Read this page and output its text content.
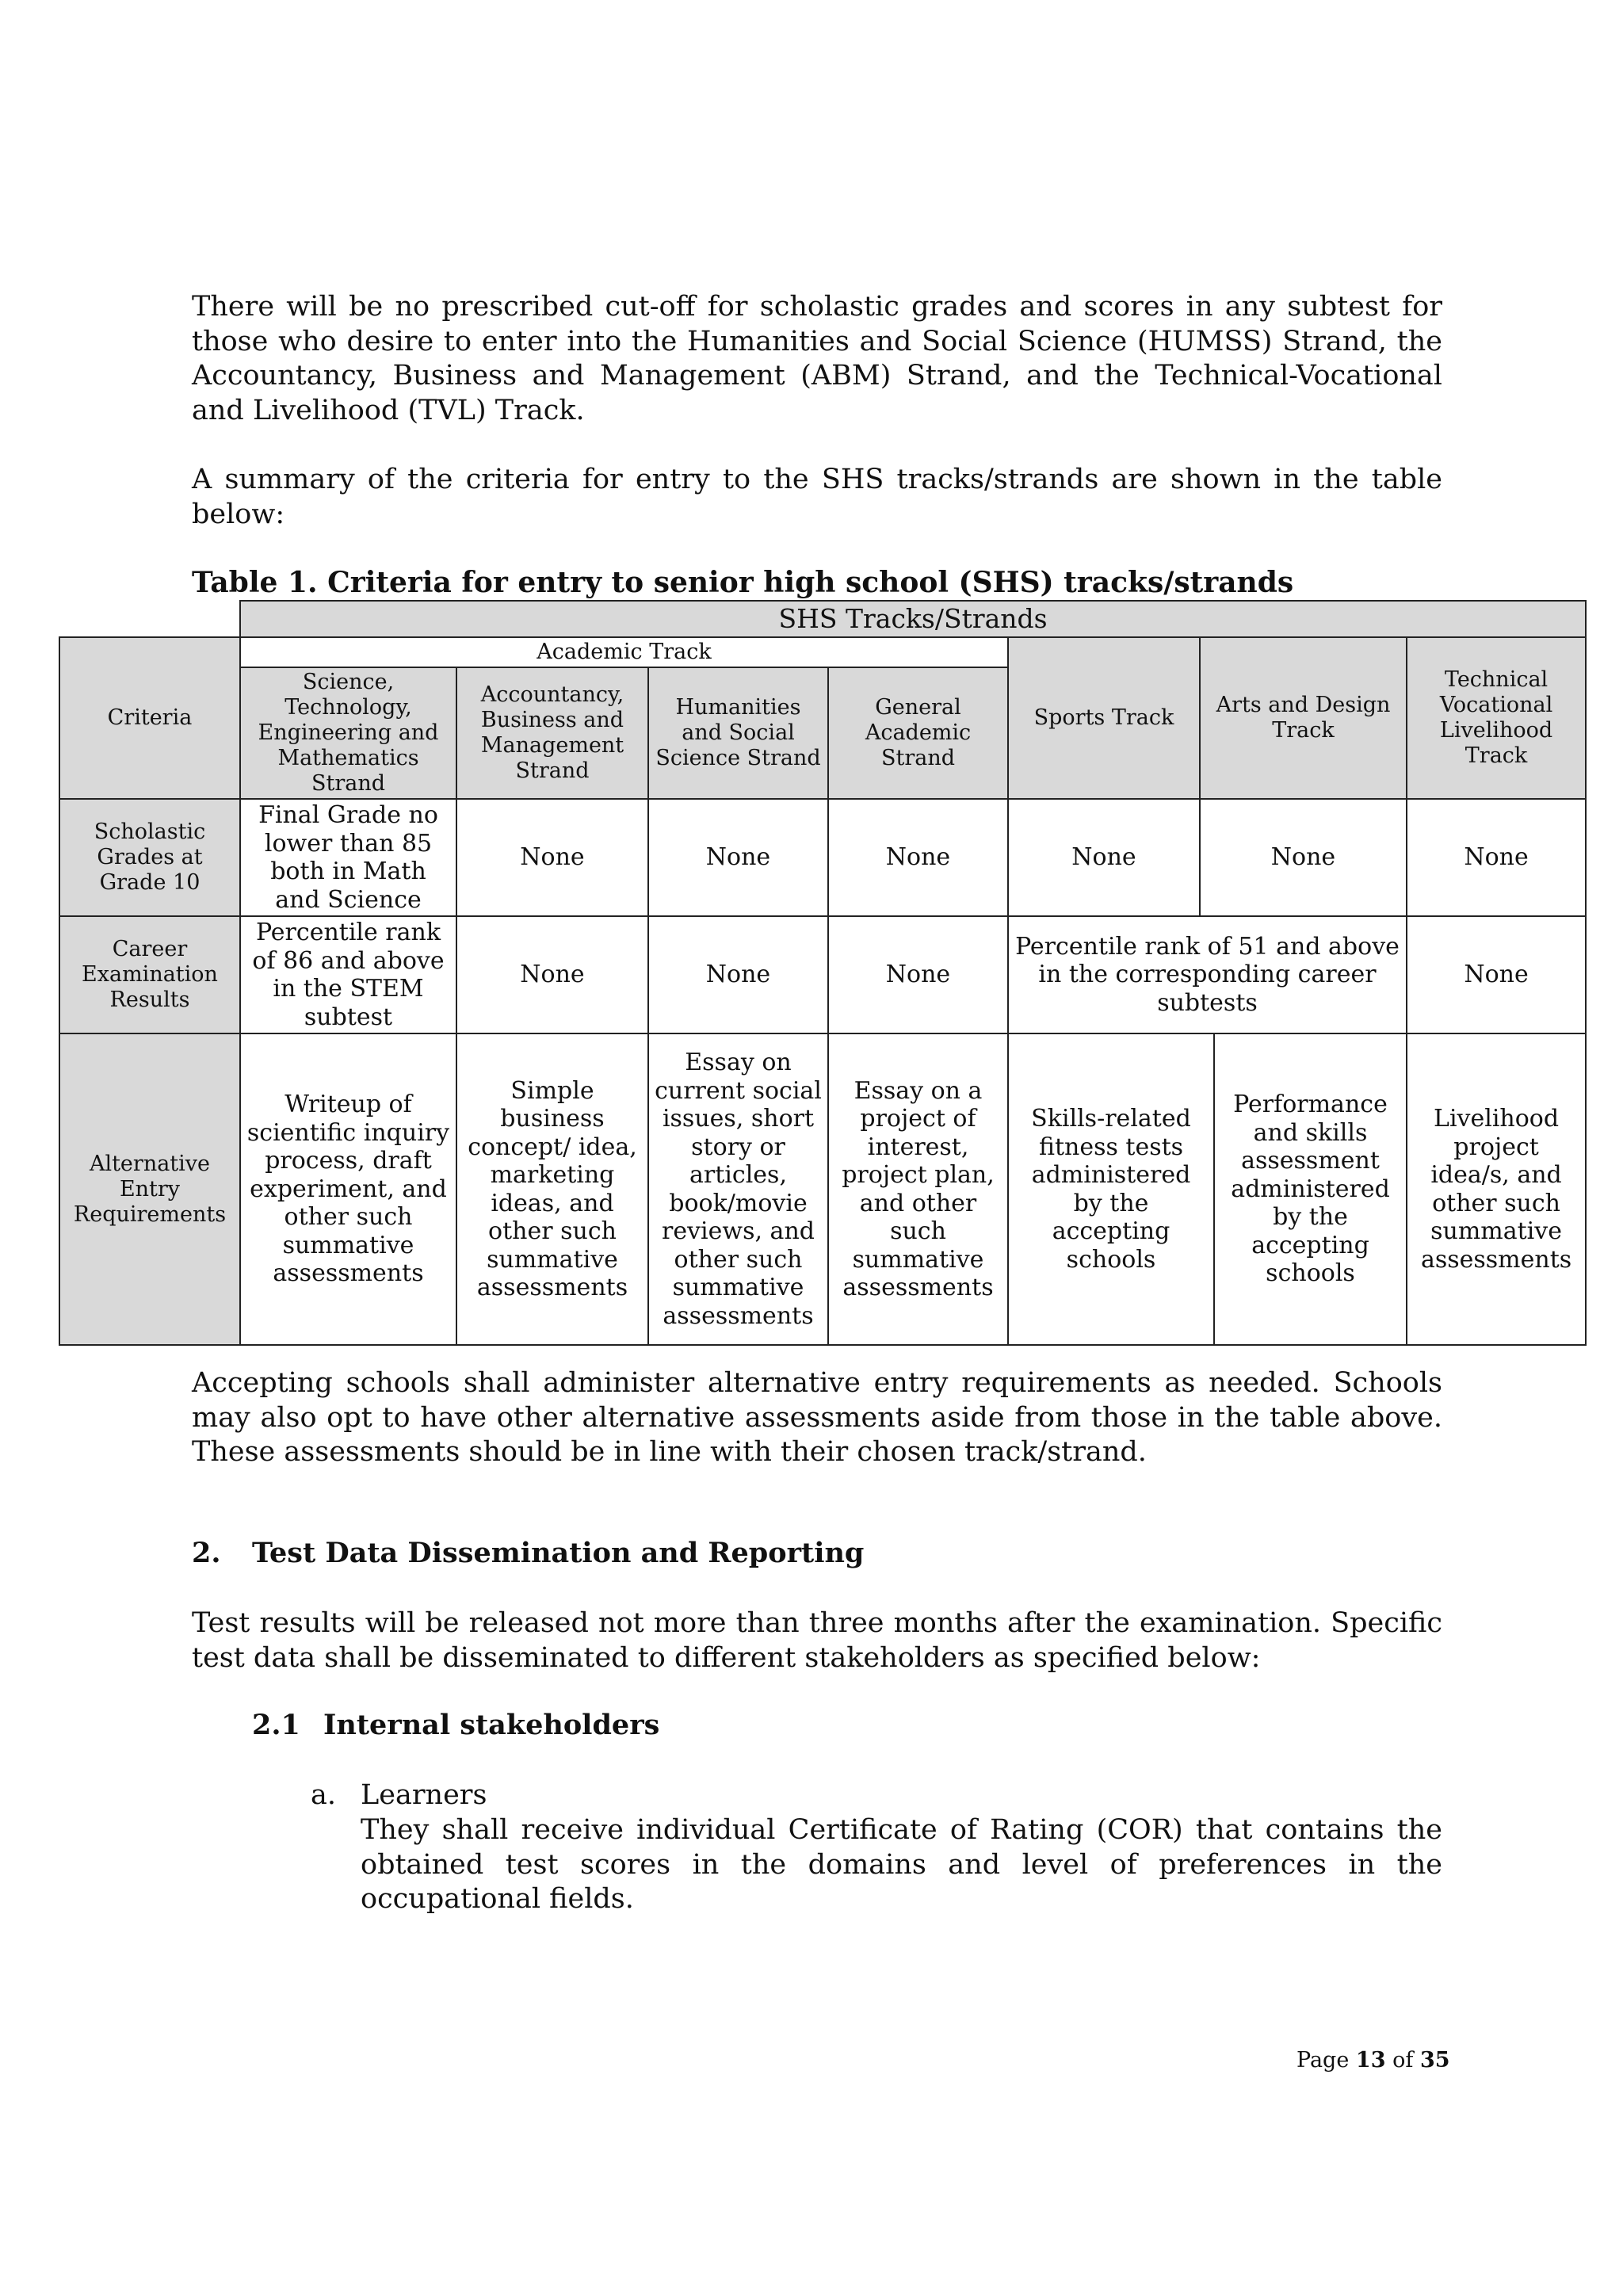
There will be no prescribed cut-off for scholastic grades and scores in any subtest for those who desire to enter into the Humanities and Social Science (HUMSS) Strand, the Accountancy, Business and Management (ABM) Strand, and the Technical-Vocational and Livelihood (TVL) Track.

A summary of the criteria for entry to the SHS tracks/strands are shown in the table below:

Table 1. Criteria for entry to senior high school (SHS) tracks/strands

	SHS Tracks/Strands							
Criteria	Academic Track				Sports Track	Arts and Design Track		Technical Vocational Livelihood Track
	Science, Technology, Engineering and Mathematics Strand	Accountancy, Business and Management Strand	Humanities and Social Science Strand	General Academic Strand				
Scholastic Grades at Grade 10	Final Grade no lower than 85 both in Math and Science	None	None	None	None	None		None
Career Examination Results	Percentile rank of 86 and above in the STEM subtest	None	None	None	Percentile rank of 51 and above in the corresponding career subtests			None
Alternative Entry Requirements	Writeup of scientific inquiry process, draft experiment, and other such summative assessments	Simple business concept/ idea, marketing ideas, and other such summative assessments	Essay on current social issues, short story or articles, book/movie reviews, and other such summative assessments	Essay on a project of interest, project plan, and other such summative assessments	Skills-related fitness tests administered by the accepting schools		Performance and skills assessment administered by the accepting schools	Livelihood project idea/s, and other such summative assessments

Accepting schools shall administer alternative entry requirements as needed. Schools may also opt to have other alternative assessments aside from those in the table above. These assessments should be in line with their chosen track/strand.

2. Test Data Dissemination and Reporting

Test results will be released not more than three months after the examination. Specific test data shall be disseminated to different stakeholders as specified below:

2.1 Internal stakeholders
a. Learners

They shall receive individual Certificate of Rating (COR) that contains the obtained test scores in the domains and level of preferences in the occupational fields.

Page 13 of 35
